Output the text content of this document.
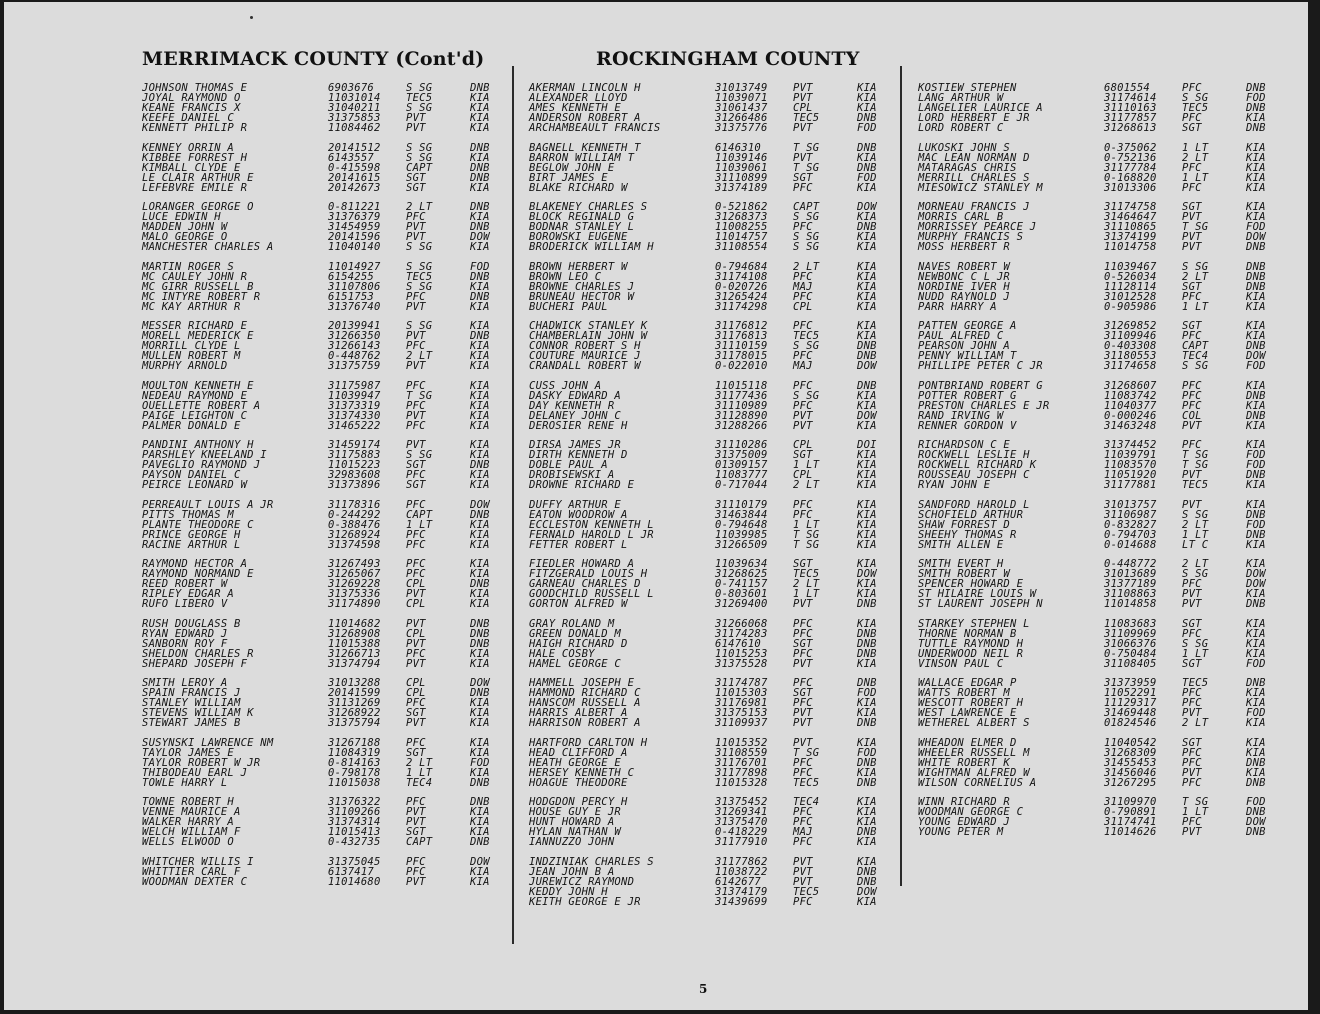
MERRIMACK COUNTY (Cont'd)	ROCKINGHAM COUNTY
JOHNSON THOMAS E	6903676	S SG	DNB
JOYAL RAYMOND O	11031014 TEC5	KIA
KEANE FRANCIS X	31040211 S SG	KIA
KEEFE DANIEL C	31375853 PVT	KIA
KENNETT PHILIP R	11084462 PVT	KIA
KENNEY ORRIN A	20141512 S SG	DNB
KIBBEE FORREST H	6143557	S SG	KIA
KIMBALL CLYDE E	0-415598 CAPT	DNB
LE CLAIR ARTHUR E	20141615 SGT	DNB
LEFEBVRE EMILE R	20142673 SGT	KIA
LORANGER GEORGE O	0-811221 2 LT	DNB
LUCE EDWIN H	31376379 PFC	KIA
MADDEN JOHN W	31454959 PVT	DNB
MALO GEORGE O	20141596 PVT	DOW
MANCHESTER CHARLES A	11040140 S SG	KIA
MARTIN ROGER S	11014927 S SG	FOD
MC CAULEY JOHN R	6154255	TEC5	DNB
MC GIRR RUSSELL B	31107806 S SG	KIA
MC INTYRE ROBERT R	6151753	PFC	DNB
MC KAY ARTHUR R	31376740 PVT	KIA
MESSER RICHARD E	20139941 S SG	KIA
MORELL MEDERICK E	31266350 PVT	DNB
MORRILL CLYDE L	31266143 PFC	KIA
MULLEN ROBERT M	0-448762 2 LT	KIA
MURPHY ARNOLD	31375759 PVT	KIA
MOULTON KENNETH E	31175987 PFC	KIA
NEDEAU RAYMOND E	11039947 T SG	KIA
OUELLETTE ROBERT A	31373319 PFC	KIA
PAIGE LEIGHTON C	31374330 PVT	KIA
PALMER DONALD E	31465222 PFC	KIA
PANDINI ANTHONY H	31459174 PVT	KIA
PARSHLEY KNEELAND I	31175883 S SG	KIA
PAVEGLIO RAYMOND J	11015223 SGT	DNB
PAYSON DANIEL C	32983608 PFC	KIA
PEIRCE LEONARD W	31373896 SGT	KIA
PERREAULT LOUIS A JR	31178316 PFC	DOW
PITTS THOMAS M	0-244292 CAPT	DNB
PLANTE THEODORE C	0-388476 1 LT	KIA
PRINCE GEORGE H	31268924 PFC	KIA
RACINE ARTHUR L	31374598 PFC	KIA
RAYMOND HECTOR A	31267493 PFC	KIA
RAYMOND NORMAND E	31265067 PFC	KIA
REED ROBERT W	31269228 CPL	DNB
RIPLEY EDGAR A	31375336 PVT	KIA
RUFO LIBERO V	31174890 CPL	KIA
RUSH DOUGLASS B	11014682 PVT	DNB
RYAN EDWARD J	31268908 CPL	DNB
SANBORN ROY F	11015388 PVT	DNB
SHELDON CHARLES R	31266713 PFC	KIA
SHEPARD JOSEPH F	31374794 PVT	KIA
SMITH LEROY A	31013288 CPL	DOW
SPAIN FRANCIS J	20141599 CPL	DNB
STANLEY WILLIAM	31131269 PFC	KIA
STEVENS WILLIAM K	31268922 SGT	KIA
STEWART JAMES B	31375794 PVT	KIA
SUSYNSKI LAWRENCE NM	31267188 PFC	KIA
TAYLOR JAMES E	11084319 SGT	KIA
TAYLOR ROBERT W JR	0-814163 2 LT	FOD
THIBODEAU EARL J	0-798178 1 LT	KIA
TOWLE HARRY L	11015038 TEC4	DNB
TOWNE ROBERT H	31376322 PFC	DNB
VENNE MAURICE A	31109266 PVT	KIA
WALKER HARRY A	31374314 PVT	KIA
WELCH WILLIAM F	11015413 SGT	KIA
WELLS ELWOOD O	0-432735 CAPT	DNB
WHITCHER WILLIS I	31375045 PFC	DOW
WHITTIER CARL F	6137417	PFC	KIA
WOODMAN DEXTER C	11014680 PVT	KIA
AKERMAN LINCOLN H	31013749 PVT	KIA
ALEXANDER LLOYD	11039071 PVT	KIA
AMES KENNETH E	31061437 CPL	KIA
ANDERSON ROBERT A	31266486 TEC5	DNB
ARCHAMBEAULT FRANCIS	31375776 PVT	FOD
BAGNELL KENNETH T	6146310	T SG	DNB
BARRON WILLIAM T	11039146 PVT	KIA
BEGLOW JOHN E	11039061 T SG	DNB
BIRT JAMES E	31110899 SGT	FOD
BLAKE RICHARD W	31374189 PFC	KIA
BLAKENEY CHARLES S	0-521862 CAPT	DOW
BLOCK REGINALD G	31268373 S SG	KIA
BODNAR STANLEY L	11008255 PFC	DNB
BOROWSKI EUGENE	11014757 S SG	KIA
BRODERICK WILLIAM H	31108554 S SG	KIA
BROWN HERBERT W	0-794684 2 LT	KIA
BROWN LEO C	31174108 PFC	KIA
BROWNE CHARLES J	0-020726 MAJ	KIA
BRUNEAU HECTOR W	31265424 PFC	KIA
BUCHERI PAUL	31174298 CPL	KIA
CHADWICK STANLEY K	31176812 PFC	KIA
CHAMBERLAIN JOHN W	31176813 TEC5	KIA
CONNOR ROBERT S H	31110159 S SG	DNB
COUTURE MAURICE J	31178015 PFC	DNB
CRANDALL ROBERT W	0-022010 MAJ	DOW
CUSS JOHN A	11015118 PFC	DNB
DASKY EDWARD A	31177436 S SG	KIA
DAY KENNETH R	31110989 PFC	KIA
DELANEY JOHN C	31128890 PVT	DOW
DEROSIER RENE H	31288266 PVT	KIA
DIRSA JAMES JR	31110286 CPL	DOI
DIRTH KENNETH D	31375009 SGT	KIA
DOBLE PAUL A	01309157 1 LT	KIA
DROBISEWSKI A	11083777 CPL	KIA
DROWNE RICHARD E	0-717044 2 LT	KIA
DUFFY ARTHUR E	31110179 PFC	KIA
EATON WOODROW A	31463844 PFC	KIA
ECCLESTON KENNETH L	0-794648 1 LT	KIA
FERNALD HAROLD L JR	11039985 T SG	KIA
FETTER ROBERT L	31266509 T SG	KIA
FIEDLER HOWARD A	11039634 SGT	KIA
FITZGERALD LOUIS H	31268625 TEC5	DOW
GARNEAU CHARLES D	0-741157 2 LT	KIA
GOODCHILD RUSSELL L	0-803601 1 LT	KIA
GORTON ALFRED W	31269400 PVT	DNB
GRAY ROLAND M	31266068 PFC	KIA
GREEN DONALD M	31174283 PFC	DNB
HAIGH RICHARD D	6147610	SGT	DNB
HALE COSBY	11015253 PFC	DNB
HAMEL GEORGE C	31375528 PVT	KIA
HAMMELL JOSEPH E	31174787 PFC	DNB
HAMMOND RICHARD C	11015303 SGT	FOD
HANSCOM RUSSELL A	31176981 PFC	KIA
HARRIS ALBERT A	31375153 PVT	KIA
HARRISON ROBERT A	31109937 PVT	DNB
HARTFORD CARLTON H	11015352 PVT	KIA
HEAD CLIFFORD A	31108559 T SG	FOD
HEATH GEORGE E	31176701 PFC	DNB
HERSEY KENNETH C	31177898 PFC	KIA
HOAGUE THEODORE	11015328 TEC5	DNB
HODGDON PERCY H	31375452 TEC4	KIA
HOUSE GUY E JR	31269341 PFC	KIA
HUNT HOWARD A	31375470 PFC	KIA
HYLAN NATHAN W	0-418229 MAJ	DNB
IANNUZZO JOHN	31177910 PFC	KIA
INDZINIAK CHARLES S	31177862 PVT	KIA
JEAN JOHN B A	11038722 PVT	DNB
JUREWICZ RAYMOND	6142677	PVT	DNB
KEDDY JOHN H	31374179 TEC5	DOW
KEITH GEORGE E JR	31439699 PFC	KIA
KOSTIEW STEPHEN	6801554	PFC	DNB
LANG ARTHUR W	31174614 S SG	FOD
LANGELIER LAURICE A	31110163 TEC5	DNB
LORD HERBERT E JR	31177857 PFC	KIA
LORD ROBERT C	31268613 SGT	DNB
LUKOSKI JOHN S	0-375062 1 LT	KIA
MAC LEAN NORMAN D	0-752136 2 LT	KIA
MATARAGAS CHRIS	31177784 PFC	KIA
MERRILL CHARLES S	0-168820 1 LT	KIA
MIESOWICZ STANLEY M	31013306 PFC	KIA
MORNEAU FRANCIS J	31174758 SGT	KIA
MORRIS CARL B	31464647 PVT	KIA
MORRISSEY PEARCE J	31110865 T SG	FOD
MURPHY FRANCIS S	31374199 PVT	DOW
MOSS HERBERT R	11014758 PVT	DNB
NAVES ROBERT W	11039467 S SG	DNB
NEWBONC C L JR	0-526034 2 LT	DNB
NORDINE IVER H	11128114 SGT	DNB
NUDD RAYNOLD J	31012528 PFC	KIA
PARR HARRY A	0-905986 1 LT	KIA
PATTEN GEORGE A	31269852 SGT	KIA
PAUL ALFRED C	31109946 PFC	KIA
PEARSON JOHN A	0-403308 CAPT	DNB
PENNY WILLIAM T	31180553 TEC4	DOW
PHILLIPE PETER C JR	31174658 S SG	FOD
PONTBRIAND ROBERT G	31268607 PFC	KIA
POTTER ROBERT G	11083742 PFC	DNB
PRESTON CHARLES E JR	11040377 PFC	KIA
RAND IRVING W	0-000246 COL	DNB
RENNER GORDON V	31463248 PVT	KIA
RICHARDSON C E	31374452 PFC	KIA
ROCKWELL LESLIE H	11039791 T SG	FOD
ROCKWELL RICHARD K	11083570 T SG	FOD
ROUSSEAU JOSEPH C	11051920 PVT	DNB
RYAN JOHN E	31177881 TEC5	KIA
SANDFORD HAROLD L	31013757 PVT	KIA
SCHOFIELD ARTHUR	31106987 S SG	DNB
SHAW FORREST D	0-832827 2 LT	FOD
SHEEHY THOMAS R	0-794703 1 LT	DNB
SMITH ALLEN E	0-014688 LT C	KIA
SMITH EVERT H	0-448772 2 LT	KIA
SMITH ROBERT W	31013689 S SG	DOW
SPENCER HOWARD E	31377189 PFC	DOW
ST HILAIRE LOUIS W	31108863 PVT	KIA
ST LAURENT JOSEPH N	11014858 PVT	DNB
STARKEY STEPHEN L	11083683 SGT	KIA
THORNE NORMAN B	31109969 PFC	KIA
TUTTLE RAYMOND H	31066376 S SG	KIA
UNDERWOOD NEIL R	0-750484 1 LT	KIA
VINSON PAUL C	31108405 SGT	FOD
WALLACE EDGAR P	31373959 TEC5	DNB
WATTS ROBERT M	11052291 PFC	KIA
WESCOTT ROBERT H	11129317 PFC	KIA
WEST LAWRENCE E	31469448 PVT	FOD
WETHEREL ALBERT S	01824546 2 LT	KIA
WHEADON ELMER D	11040542 SGT	KIA
WHEELER RUSSELL M	31268309 PFC	KIA
WHITE ROBERT K	31455453 PFC	DNB
WIGHTMAN ALFRED W	31456046 PVT	KIA
WILSON CORNELIUS A	31267295 PFC	DNB
WINN RICHARD R	31109970 T SG	FOD
WOODMAN GEORGE C	0-790891 1 LT	DNB
YOUNG EDWARD J	31174741 PFC	DOW
YOUNG PETER M	11014626 PVT	DNB
5
